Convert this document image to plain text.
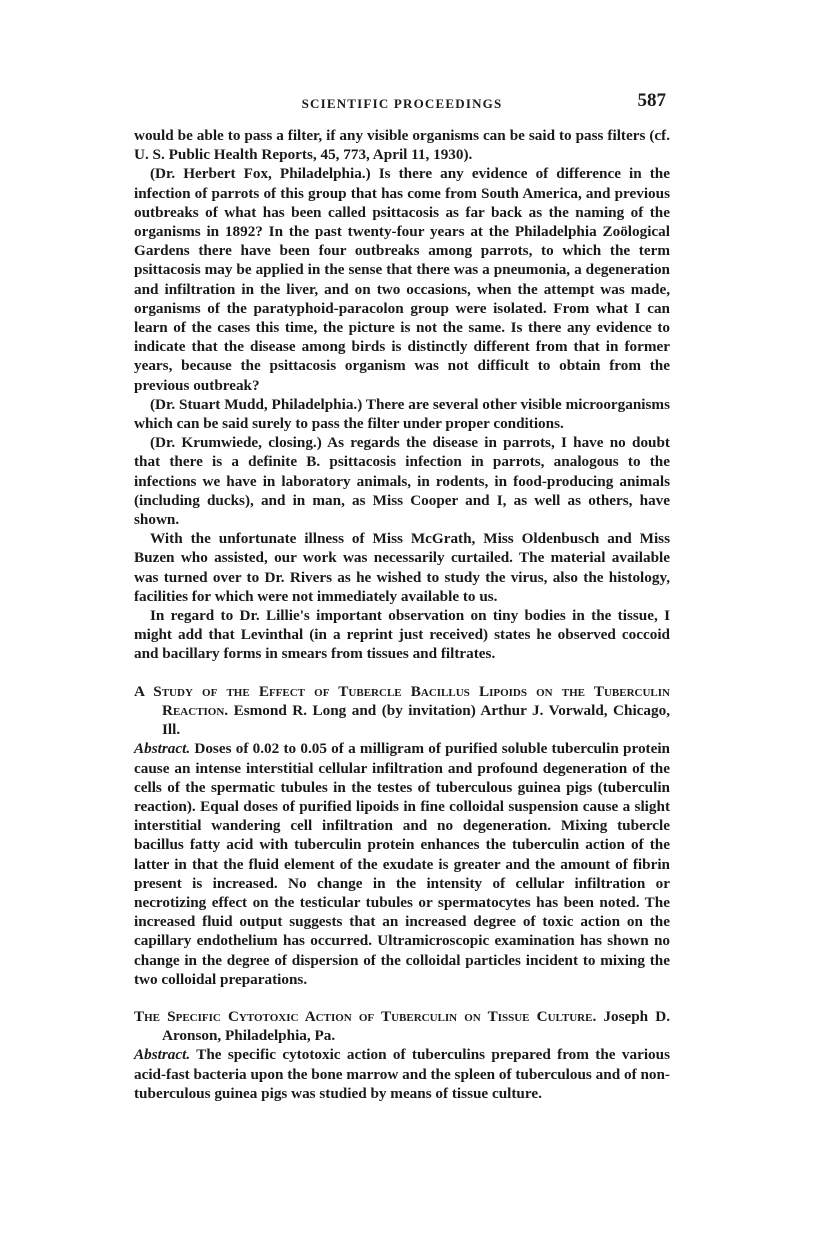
SCIENTIFIC PROCEEDINGS	587

would be able to pass a filter, if any visible organisms can be said to pass filters (cf. U. S. Public Health Reports, 45, 773, April 11, 1930).

(Dr. Herbert Fox, Philadelphia.) Is there any evidence of difference in the infection of parrots of this group that has come from South America, and previous outbreaks of what has been called psittacosis as far back as the naming of the organisms in 1892? In the past twenty-four years at the Philadelphia Zoölogical Gardens there have been four outbreaks among parrots, to which the term psittacosis may be applied in the sense that there was a pneumonia, a degeneration and infiltration in the liver, and on two occasions, when the attempt was made, organisms of the paratyphoid-paracolon group were isolated. From what I can learn of the cases this time, the picture is not the same. Is there any evidence to indicate that the disease among birds is distinctly different from that in former years, because the psittacosis organism was not difficult to obtain from the previous outbreak?

(Dr. Stuart Mudd, Philadelphia.) There are several other visible microorganisms which can be said surely to pass the filter under proper conditions.

(Dr. Krumwiede, closing.) As regards the disease in parrots, I have no doubt that there is a definite B. psittacosis infection in parrots, analogous to the infections we have in laboratory animals, in rodents, in food-producing animals (including ducks), and in man, as Miss Cooper and I, as well as others, have shown.

With the unfortunate illness of Miss McGrath, Miss Oldenbusch and Miss Buzen who assisted, our work was necessarily curtailed. The material available was turned over to Dr. Rivers as he wished to study the virus, also the histology, facilities for which were not immediately available to us.

In regard to Dr. Lillie's important observation on tiny bodies in the tissue, I might add that Levinthal (in a reprint just received) states he observed coccoid and bacillary forms in smears from tissues and filtrates.

A Study of the Effect of Tubercle Bacillus Lipoids on the Tuberculin Reaction. Esmond R. Long and (by invitation) Arthur J. Vorwald, Chicago, Ill.

Abstract. Doses of 0.02 to 0.05 of a milligram of purified soluble tuberculin protein cause an intense interstitial cellular infiltration and profound degeneration of the cells of the spermatic tubules in the testes of tuberculous guinea pigs (tuberculin reaction). Equal doses of purified lipoids in fine colloidal suspension cause a slight interstitial wandering cell infiltration and no degeneration. Mixing tubercle bacillus fatty acid with tuberculin protein enhances the tuberculin action of the latter in that the fluid element of the exudate is greater and the amount of fibrin present is increased. No change in the intensity of cellular infiltration or necrotizing effect on the testicular tubules or spermatocytes has been noted. The increased fluid output suggests that an increased degree of toxic action on the capillary endothelium has occurred. Ultramicroscopic examination has shown no change in the degree of dispersion of the colloidal particles incident to mixing the two colloidal preparations.

The Specific Cytotoxic Action of Tuberculin on Tissue Culture. Joseph D. Aronson, Philadelphia, Pa.

Abstract. The specific cytotoxic action of tuberculins prepared from the various acid-fast bacteria upon the bone marrow and the spleen of tuberculous and of non-tuberculous guinea pigs was studied by means of tissue culture.
